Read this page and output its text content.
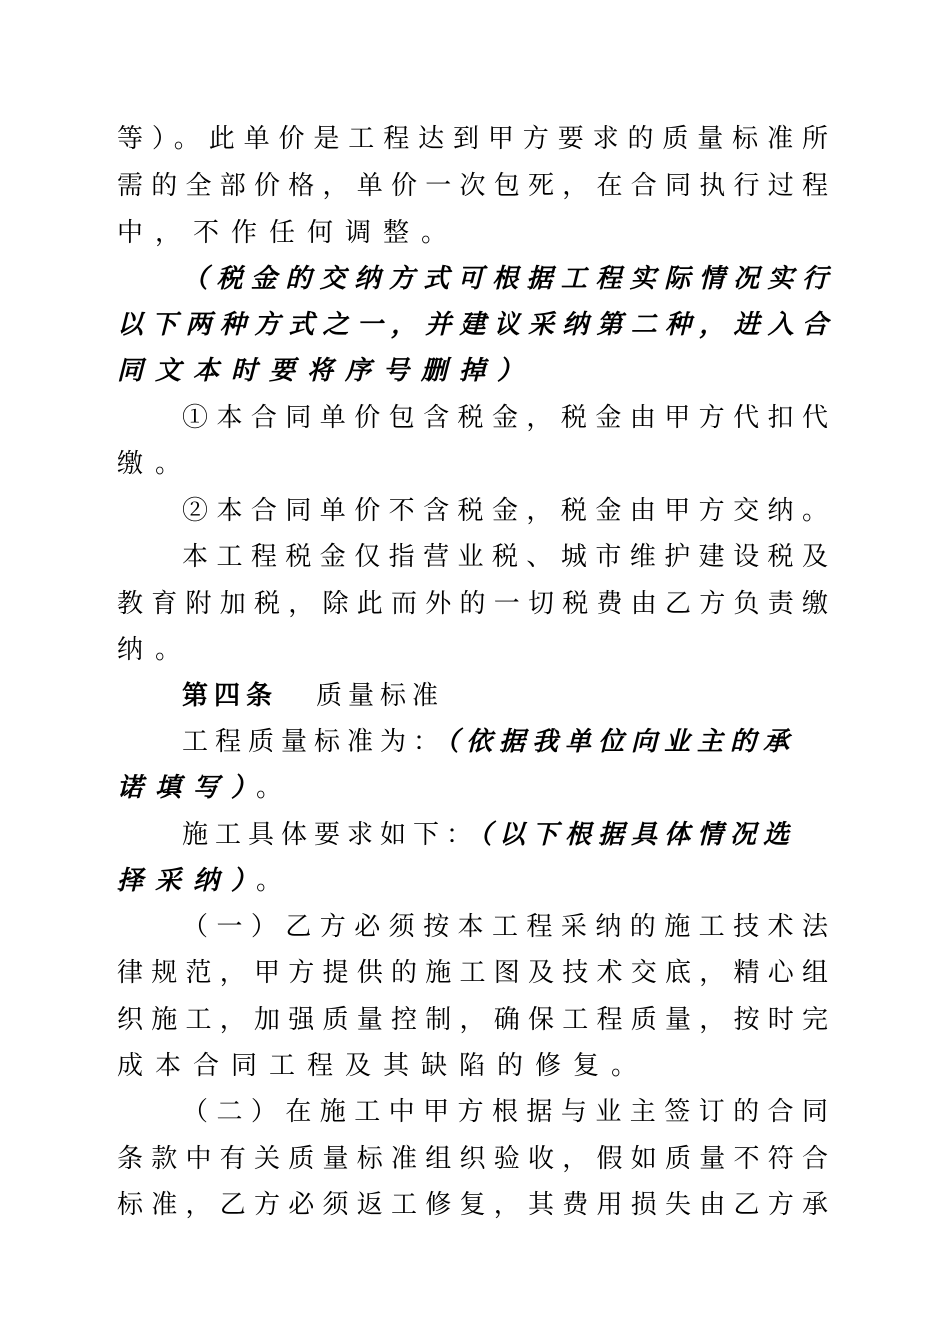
等）。此单价是工程达到甲方要求的质量标准所
需的全部价格，单价一次包死，在合同执行过程
中，不作任何调整。
（税金的交纳方式可根据工程实际情况实行
以下两种方式之一，并建议采纳第二种，进入合
同文本时要将序号删掉）
①本合同单价包含税金，税金由甲方代扣代
缴。
②本合同单价不含税金，税金由甲方交纳。
本工程税金仅指营业税、城市维护建设税及
教育附加税，除此而外的一切税费由乙方负责缴
纳。
第四条 质量标准
工程质量标准为：（依据我单位向业主的承
诺填写）。
施工具体要求如下：（以下根据具体情况选
择采纳）。
（一）乙方必须按本工程采纳的施工技术法
律规范，甲方提供的施工图及技术交底，精心组
织施工，加强质量控制，确保工程质量，按时完
成本合同工程及其缺陷的修复。
（二）在施工中甲方根据与业主签订的合同
条款中有关质量标准组织验收，假如质量不符合
标准，乙方必须返工修复，其费用损失由乙方承
